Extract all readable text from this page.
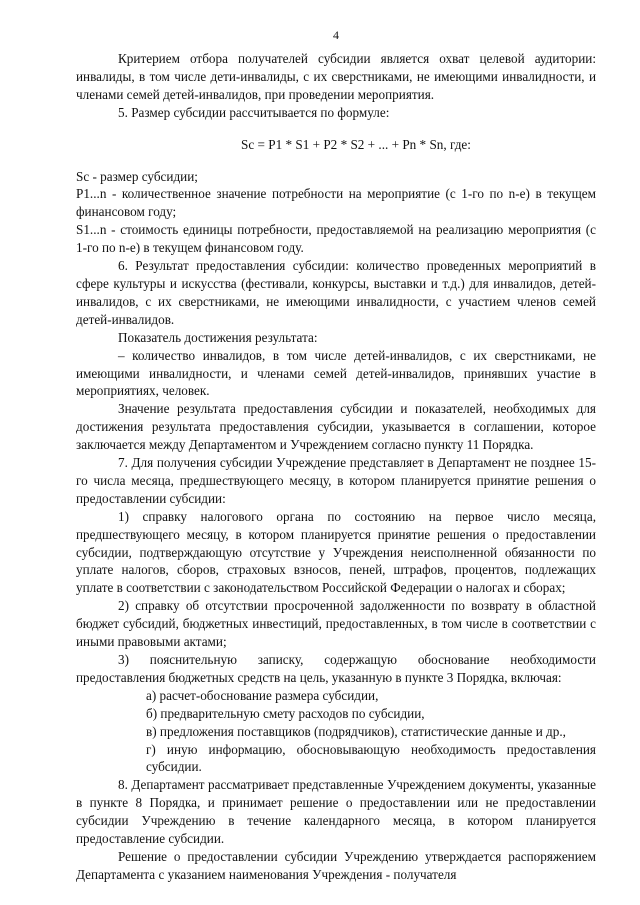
4

Критерием отбора получателей субсидии является охват целевой аудитории: инвалиды, в том числе дети-инвалиды, с их сверстниками, не имеющими инвалидности, и членами семей детей-инвалидов, при проведении мероприятия.

5. Размер субсидии рассчитывается по формуле:

Sc = P1 * S1 + P2 * S2 + ... + Pn * Sn, где:

Sc - размер субсидии;

P1...n - количественное значение потребности на мероприятие (с 1-го по n-е) в текущем финансовом году;

S1...n - стоимость единицы потребности, предоставляемой на реализацию мероприятия (с 1-го по n-е) в текущем финансовом году.

6. Результат предоставления субсидии: количество проведенных мероприятий в сфере культуры и искусства (фестивали, конкурсы, выставки и т.д.) для инвалидов, детей-инвалидов, с их сверстниками, не имеющими инвалидности, с участием членов семей детей-инвалидов.

Показатель достижения результата:

– количество инвалидов, в том числе детей-инвалидов, с их сверстниками, не имеющими инвалидности, и членами семей детей-инвалидов, принявших участие в мероприятиях, человек.

Значение результата предоставления субсидии и показателей, необходимых для достижения результата предоставления субсидии, указывается в соглашении, которое заключается между Департаментом и Учреждением согласно пункту 11 Порядка.

7. Для получения субсидии Учреждение представляет в Департамент не позднее 15-го числа месяца, предшествующего месяцу, в котором планируется принятие решения о предоставлении субсидии:

1) справку налогового органа по состоянию на первое число месяца, предшествующего месяцу, в котором планируется принятие решения о предоставлении субсидии, подтверждающую отсутствие у Учреждения неисполненной обязанности по уплате налогов, сборов, страховых взносов, пеней, штрафов, процентов, подлежащих уплате в соответствии с законодательством Российской Федерации о налогах и сборах;

2) справку об отсутствии просроченной задолженности по возврату в областной бюджет субсидий, бюджетных инвестиций, предоставленных, в том числе в соответствии с иными правовыми актами;

3) пояснительную записку, содержащую обоснование необходимости предоставления бюджетных средств на цель, указанную в пункте 3 Порядка, включая:

а) расчет-обоснование размера субсидии,

б) предварительную смету расходов по субсидии,

в) предложения поставщиков (подрядчиков), статистические данные и др.,

г) иную информацию, обосновывающую необходимость предоставления субсидии.

8. Департамент рассматривает представленные Учреждением документы, указанные в пункте 8 Порядка, и принимает решение о предоставлении или не предоставлении субсидии Учреждению в течение календарного месяца, в котором планируется предоставление субсидии.

Решение о предоставлении субсидии Учреждению утверждается распоряжением Департамента с указанием наименования Учреждения - получателя
